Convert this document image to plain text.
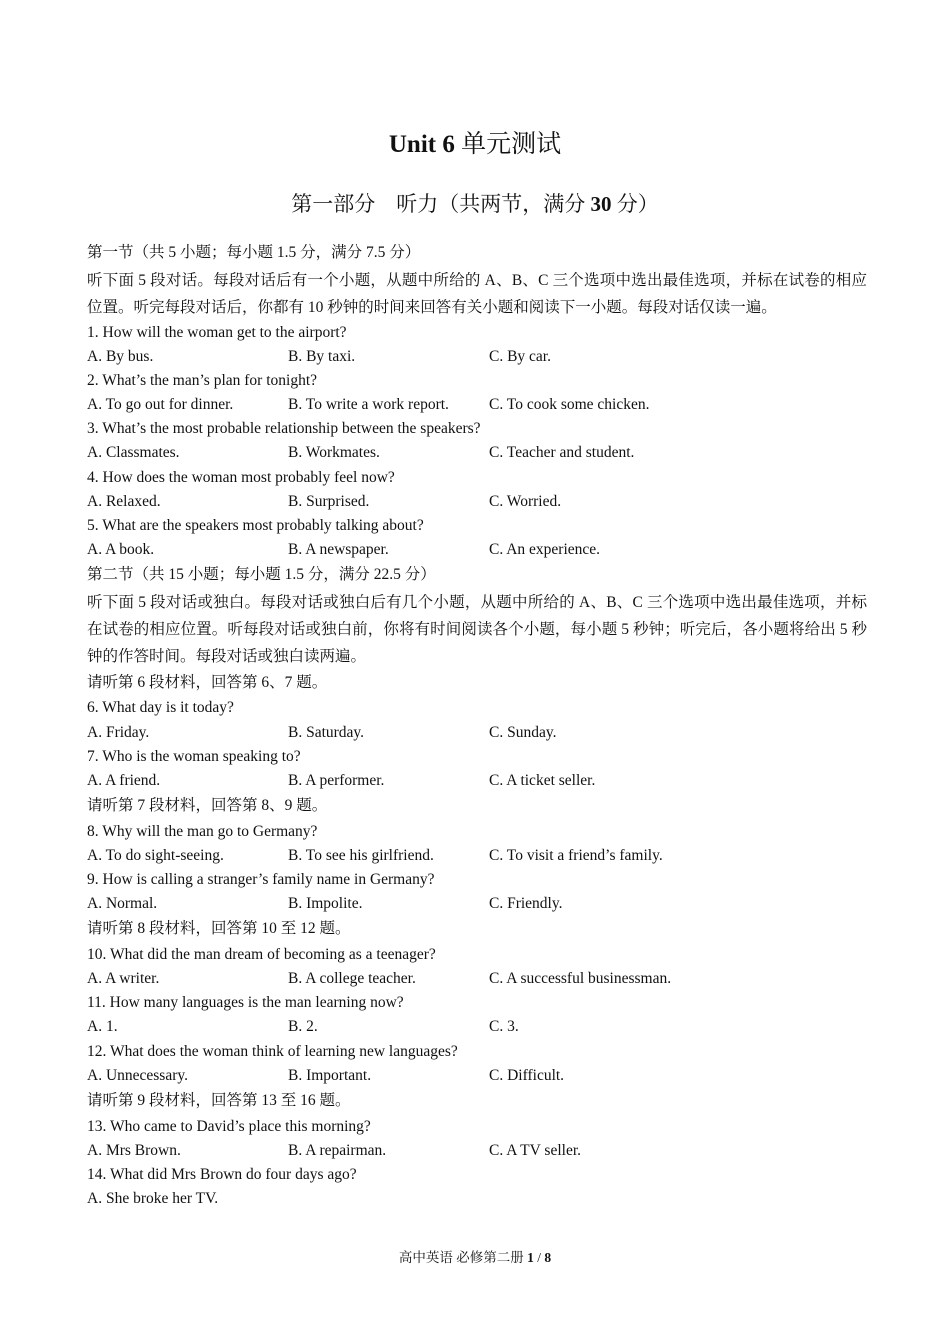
Unit 6 单元测试
第一部分　听力（共两节，满分 30 分）
第一节（共 5 小题；每小题 1.5 分，满分 7.5 分）
听下面 5 段对话。每段对话后有一个小题，从题中所给的 A、B、C 三个选项中选出最佳选项，并标在试卷的相应位置。听完每段对话后，你都有 10 秒钟的时间来回答有关小题和阅读下一小题。每段对话仅读一遍。
1. How will the woman get to the airport?
A. By bus.	B. By taxi.	C. By car.
2. What’s the man’s plan for tonight?
A. To go out for dinner.	B. To write a work report.	C. To cook some chicken.
3. What’s the most probable relationship between the speakers?
A. Classmates.	B. Workmates.	C. Teacher and student.
4. How does the woman most probably feel now?
A. Relaxed.	B. Surprised.	C. Worried.
5. What are the speakers most probably talking about?
A. A book.	B. A newspaper.	C. An experience.
第二节（共 15 小题；每小题 1.5 分，满分 22.5 分）
听下面 5 段对话或独白。每段对话或独白后有几个小题，从题中所给的 A、B、C 三个选项中选出最佳选项，并标在试卷的相应位置。听每段对话或独白前，你将有时间阅读各个小题，每小题 5 秒钟；听完后，各小题将给出 5 秒钟的作答时间。每段对话或独白读两遍。
请听第 6 段材料，回答第 6、7 题。
6. What day is it today?
A. Friday.	B. Saturday.	C. Sunday.
7. Who is the woman speaking to?
A. A friend.	B. A performer.	C. A ticket seller.
请听第 7 段材料，回答第 8、9 题。
8. Why will the man go to Germany?
A. To do sight-seeing.	B. To see his girlfriend.	C. To visit a friend’s family.
9. How is calling a stranger’s family name in Germany?
A. Normal.	B. Impolite.	C. Friendly.
请听第 8 段材料，回答第 10 至 12 题。
10. What did the man dream of becoming as a teenager?
A. A writer.	B. A college teacher.	C. A successful businessman.
11. How many languages is the man learning now?
A. 1.	B. 2.	C. 3.
12. What does the woman think of learning new languages?
A. Unnecessary.	B. Important.	C. Difficult.
请听第 9 段材料，回答第 13 至 16 题。
13. Who came to David’s place this morning?
A. Mrs Brown.	B. A repairman.	C. A TV seller.
14. What did Mrs Brown do four days ago?
A. She broke her TV.
高中英语 必修第二册 1 / 8
